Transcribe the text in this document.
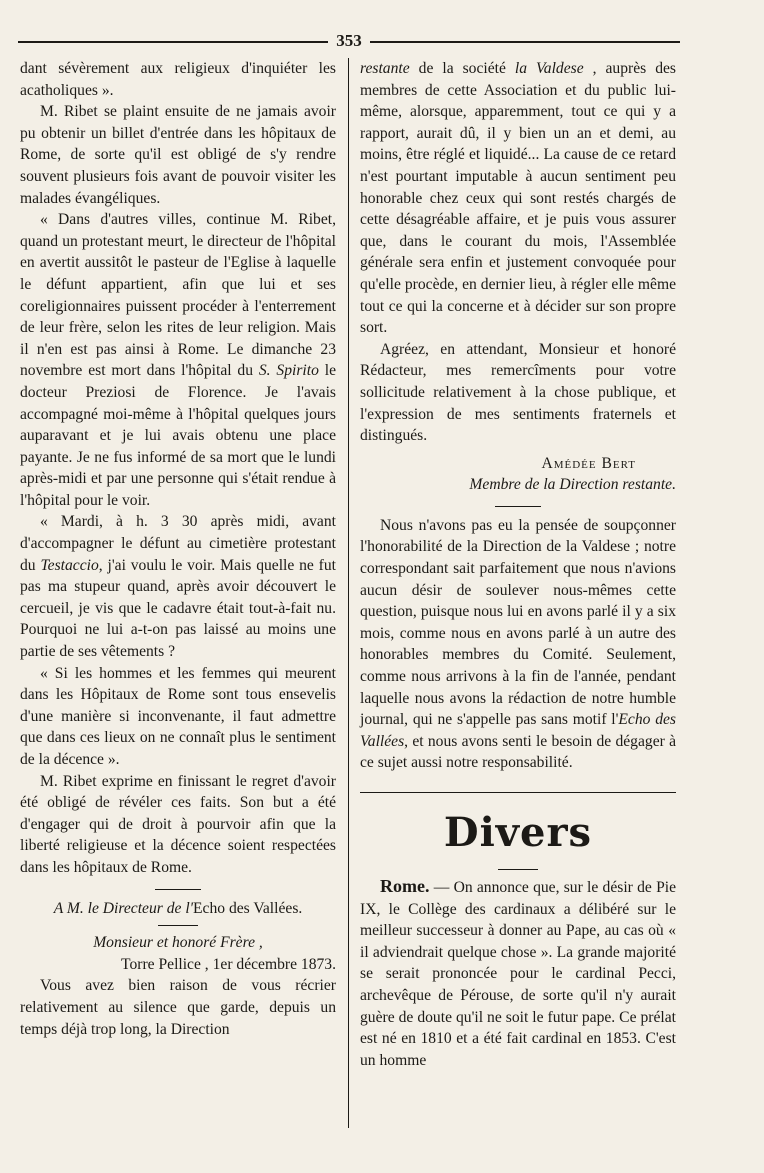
353

dant sévèrement aux religieux d'inquiéter les acatholiques ».

M. Ribet se plaint ensuite de ne jamais avoir pu obtenir un billet d'entrée dans les hôpitaux de Rome, de sorte qu'il est obligé de s'y rendre souvent plusieurs fois avant de pouvoir visiter les malades évangéliques.

« Dans d'autres villes, continue M. Ribet, quand un protestant meurt, le directeur de l'hôpital en avertit aussitôt le pasteur de l'Eglise à laquelle le défunt appartient, afin que lui et ses coreligionnaires puissent procéder à l'enterrement de leur frère, selon les rites de leur religion. Mais il n'en est pas ainsi à Rome. Le dimanche 23 novembre est mort dans l'hôpital du S. Spirito le docteur Preziosi de Florence. Je l'avais accompagné moi-même à l'hôpital quelques jours auparavant et je lui avais obtenu une place payante. Je ne fus informé de sa mort que le lundi après-midi et par une personne qui s'était rendue à l'hôpital pour le voir.

« Mardi, à h. 3 30 après midi, avant d'accompagner le défunt au cimetière protestant du Testaccio, j'ai voulu le voir. Mais quelle ne fut pas ma stupeur quand, après avoir découvert le cercueil, je vis que le cadavre était tout-à-fait nu. Pourquoi ne lui a-t-on pas laissé au moins une partie de ses vêtements ?

« Si les hommes et les femmes qui meurent dans les Hôpitaux de Rome sont tous ensevelis d'une manière si inconvenante, il faut admettre que dans ces lieux on ne connaît plus le sentiment de la décence ».

M. Ribet exprime en finissant le regret d'avoir été obligé de révéler ces faits. Son but a été d'engager qui de droit à pourvoir afin que la liberté religieuse et la décence soient respectées dans les hôpitaux de Rome.

A M. le Directeur de l'Echo des Vallées.

Monsieur et honoré Frère ,

Torre Pellice , 1er décembre 1873.

Vous avez bien raison de vous récrier relativement au silence que garde, depuis un temps déjà trop long, la Direction

restante de la société la Valdese , auprès des membres de cette Association et du public lui-même, alorsque, apparemment, tout ce qui y a rapport, aurait dû, il y bien un an et demi, au moins, être réglé et liquidé... La cause de ce retard n'est pourtant imputable à aucun sentiment peu honorable chez ceux qui sont restés chargés de cette désagréable affaire, et je puis vous assurer que, dans le courant du mois, l'Assemblée générale sera enfin et justement convoquée pour qu'elle procède, en dernier lieu, à régler elle même tout ce qui la concerne et à décider sur son propre sort.

Agréez, en attendant, Monsieur et honoré Rédacteur, mes remercîments pour votre sollicitude relativement à la chose publique, et l'expression de mes sentiments fraternels et distingués.

Amédée Bert

Membre de la Direction restante.

Nous n'avons pas eu la pensée de soupçonner l'honorabilité de la Direction de la Valdese ; notre correspondant sait parfaitement que nous n'avions aucun désir de soulever nous-mêmes cette question, puisque nous lui en avons parlé il y a six mois, comme nous en avons parlé à un autre des honorables membres du Comité. Seulement, comme nous arrivons à la fin de l'année, pendant laquelle nous avons la rédaction de notre humble journal, qui ne s'appelle pas sans motif l'Echo des Vallées, et nous avons senti le besoin de dégager à ce sujet aussi notre responsabilité.

Divers

Rome. — On annonce que, sur le désir de Pie IX, le Collège des cardinaux a délibéré sur le meilleur successeur à donner au Pape, au cas où « il adviendrait quelque chose ». La grande majorité se serait prononcée pour le cardinal Pecci, archevêque de Pérouse, de sorte qu'il n'y aurait guère de doute qu'il ne soit le futur pape. Ce prélat est né en 1810 et a été fait cardinal en 1853. C'est un homme
